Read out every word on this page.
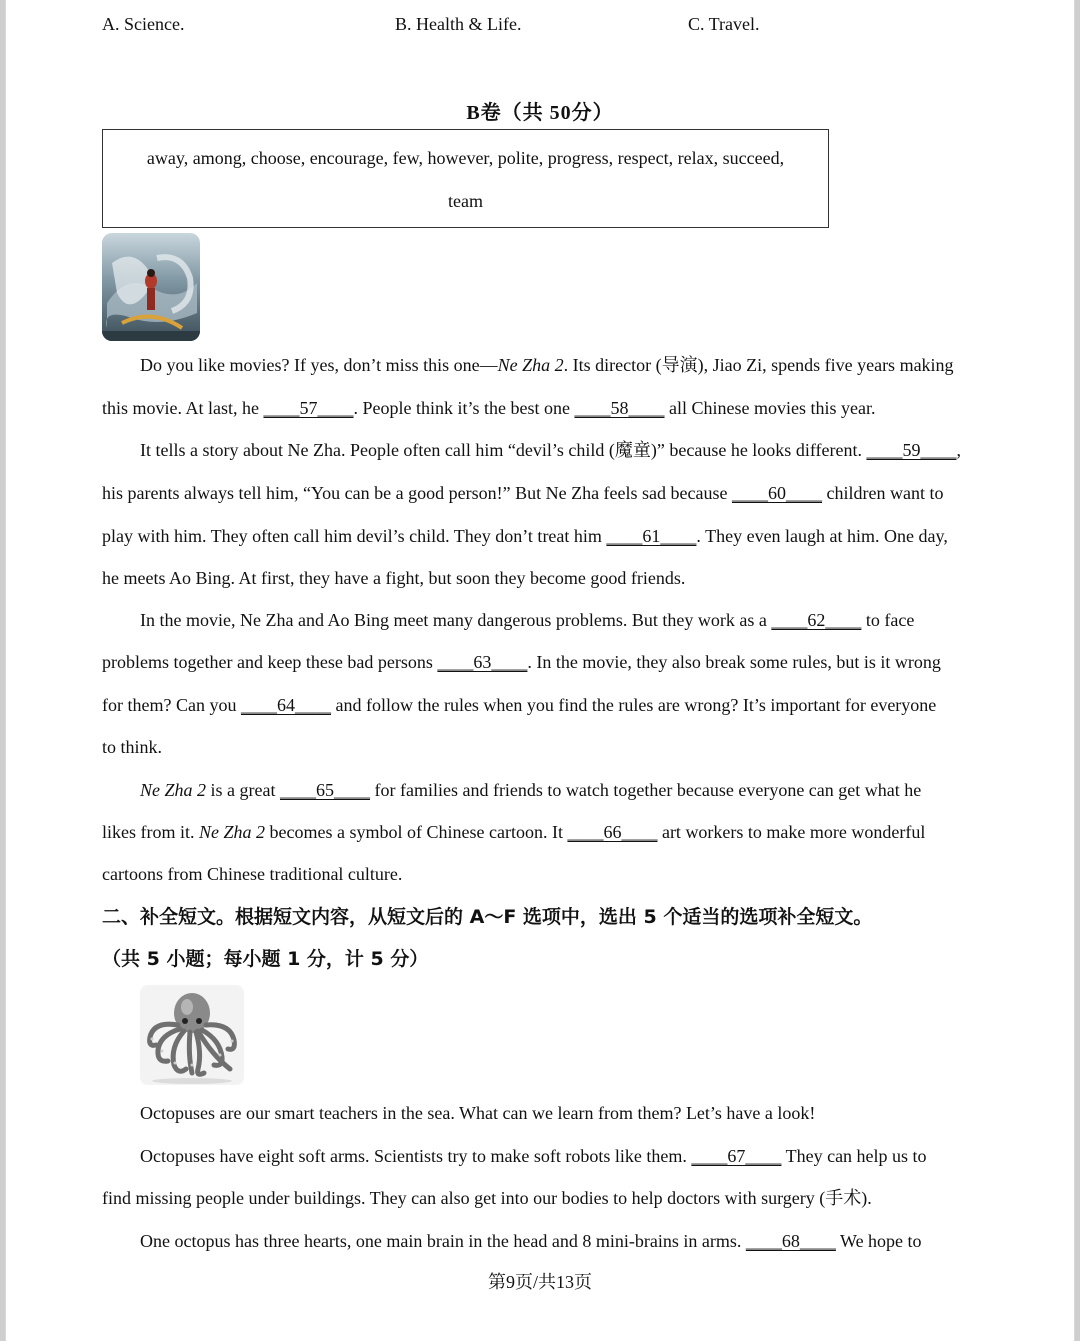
A. Science.	B. Health & Life.	C. Travel.
B卷（共 50分）
away, among, choose, encourage, few, however, polite, progress, respect, relax, succeed,
team
Do you like movies? If yes, don’t miss this one—Ne Zha 2. Its director (导演), Jiao Zi, spends five years making
this movie. At last, he ____57____. People think it’s the best one ____58____ all Chinese movies this year.
It tells a story about Ne Zha. People often call him “devil’s child (魔童)” because he looks different. ____59____,
his parents always tell him, “You can be a good person!” But Ne Zha feels sad because ____60____ children want to
play with him. They often call him devil’s child. They don’t treat him ____61____. They even laugh at him. One day,
he meets Ao Bing. At first, they have a fight, but soon they become good friends.
In the movie, Ne Zha and Ao Bing meet many dangerous problems. But they work as a ____62____ to face
problems together and keep these bad persons ____63____. In the movie, they also break some rules, but is it wrong
for them? Can you ____64____ and follow the rules when you find the rules are wrong? It’s important for everyone
to think.
Ne Zha 2 is a great ____65____ for families and friends to watch together because everyone can get what he
likes from it. Ne Zha 2 becomes a symbol of Chinese cartoon. It ____66____ art workers to make more wonderful
cartoons from Chinese traditional culture.
二、补全短文。根据短文内容，从短文后的 A～F 选项中，选出 5 个适当的选项补全短文。
（共 5 小题；每小题 1 分，计 5 分）
Octopuses are our smart teachers in the sea. What can we learn from them? Let’s have a look!
Octopuses have eight soft arms. Scientists try to make soft robots like them. ____67____ They can help us to
find missing people under buildings. They can also get into our bodies to help doctors with surgery (手术).
One octopus has three hearts, one main brain in the head and 8 mini-brains in arms. ____68____ We hope to
第9页/共13页
